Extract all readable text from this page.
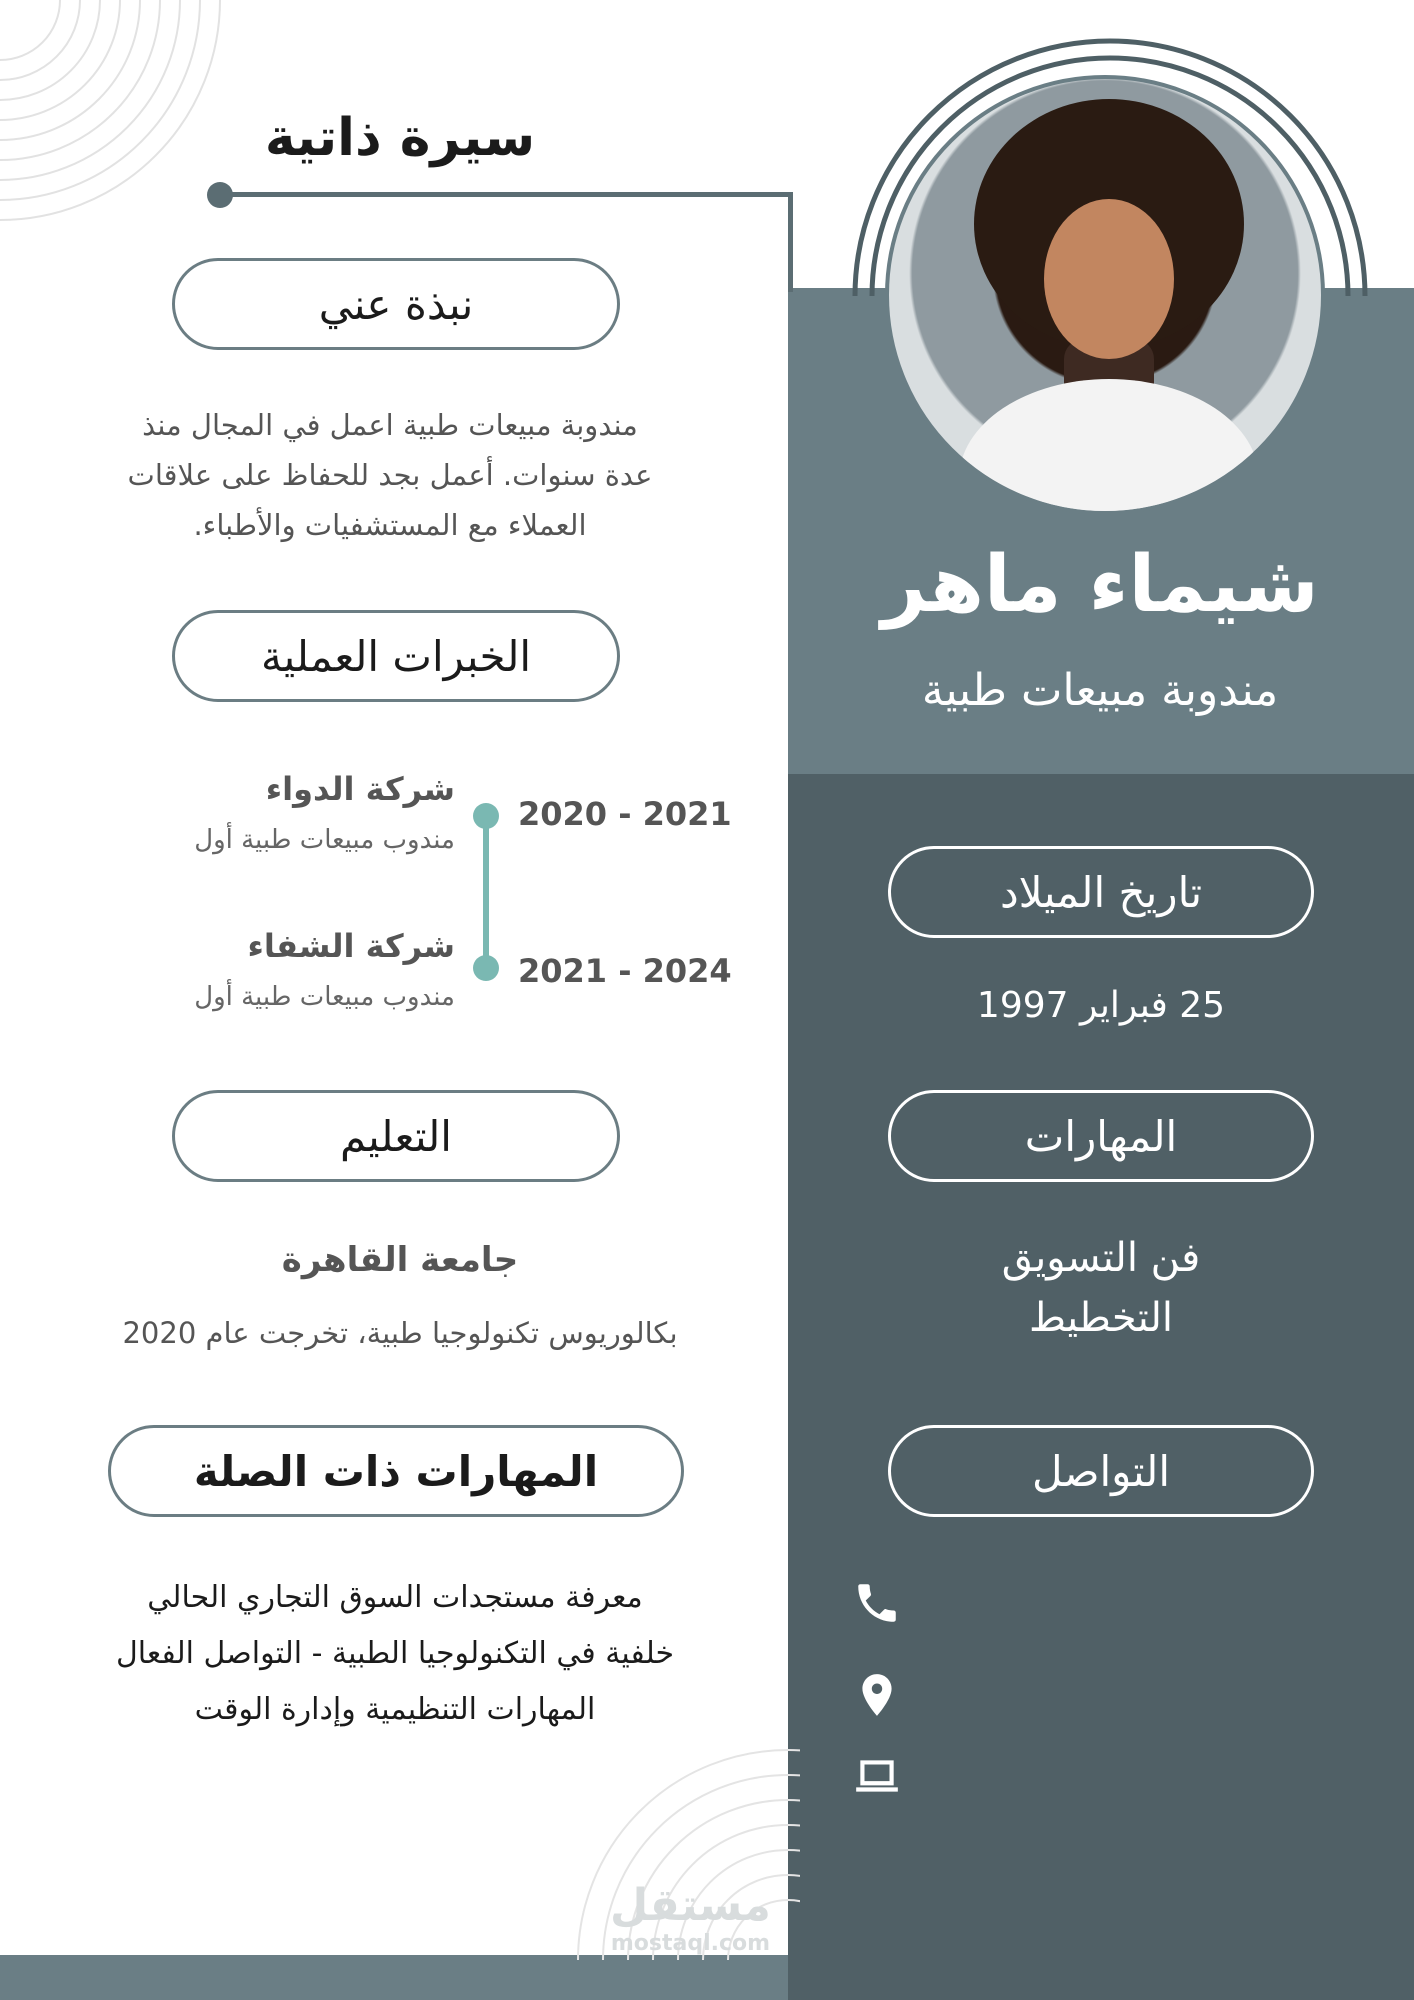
شيماء ماهر
مندوبة مبيعات طبية
سيرة ذاتية
نبذة عني
مندوبة مبيعات طبية اعمل في المجال منذ
عدة سنوات. أعمل بجد للحفاظ على علاقات
العملاء مع المستشفيات والأطباء.
الخبرات العملية
2020 - 2021
شركة الدواء
مندوب مبيعات طبية أول
2021 - 2024
شركة الشفاء
مندوب مبيعات طبية أول
التعليم
جامعة القاهرة
بكالوريوس تكنولوجيا طبية، تخرجت عام 2020
المهارات ذات الصلة
معرفة مستجدات السوق التجاري الحالي
خلفية في التكنولوجيا الطبية - التواصل الفعال
المهارات التنظيمية وإدارة الوقت
تاريخ الميلاد
25 فبراير 1997
المهارات
فن التسويق
التخطيط
التواصل
مستقل
mostaql.com
